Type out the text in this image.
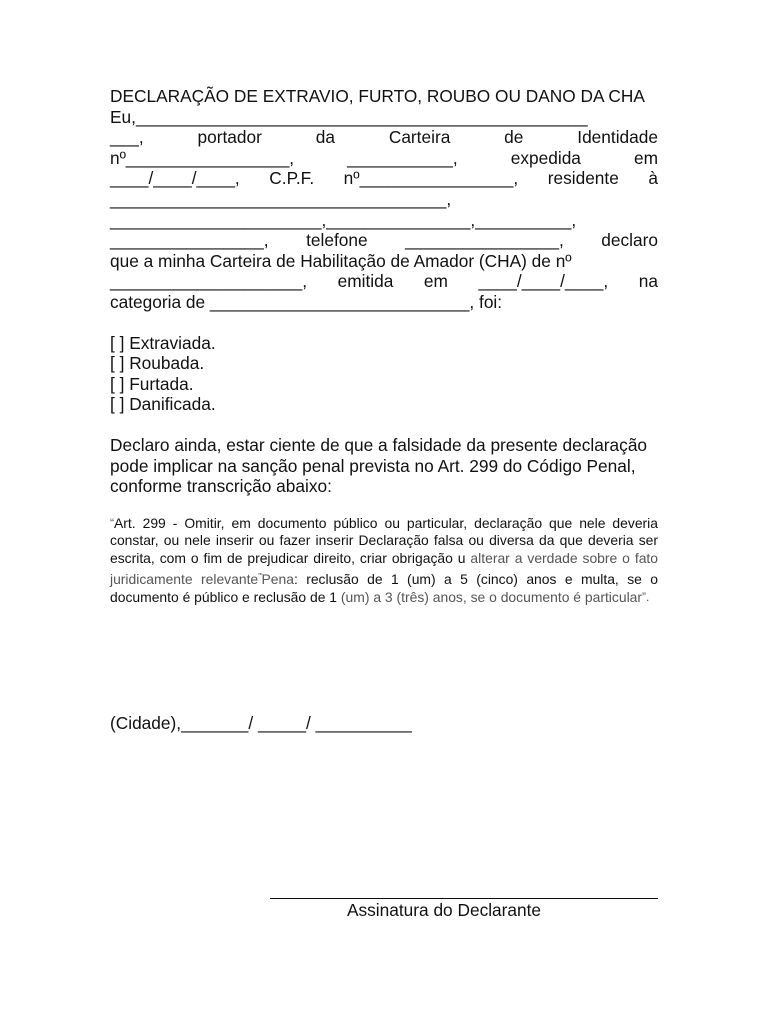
DECLARAÇÃO DE EXTRAVIO, FURTO, ROUBO OU DANO DA CHA

Eu,_______________________________________________

___, portador da Carteira de Identidade

nº_________________, ___________, expedida em

____/____/____, C.P.F. nº________________, residente à

___________________________________,

______________________,_______________,__________,

________________, telefone ________________, declaro

que a minha Carteira de Habilitação de Amador (CHA) de nº

____________________, emitida em ____/____/____, na

categoria de ___________________________, foi:

[ ] Extraviada.

[ ] Roubada.

[ ] Furtada.

[ ] Danificada.

Declaro ainda, estar ciente de que a falsidade da presente declaração pode implicar na sanção penal prevista no Art. 299 do Código Penal, conforme transcrição abaixo:

“Art. 299 - Omitir, em documento público ou particular, declaração que nele deveria constar, ou nele inserir ou fazer inserir Declaração falsa ou diversa da que deveria ser escrita, com o fim de prejudicar direito, criar obrigação u alterar a verdade sobre o fato juridicamente relevante”“Pena: reclusão de 1 (um) a 5 (cinco) anos e multa, se o documento é público e reclusão de 1 (um) a 3 (três) anos, se o documento é particular”.

(Cidade),_______/ _____/ __________
Assinatura do Declarante
